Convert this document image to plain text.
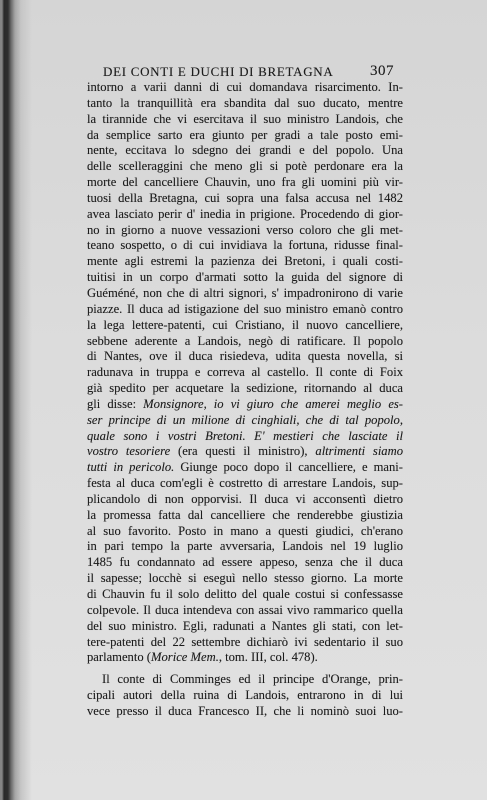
DEI CONTI E DUCHI DI BRETAGNA 307
intorno a varii danni di cui domandava risarcimento. In-
tanto la tranquillità era sbandita dal suo ducato, mentre
la tirannide che vi esercitava il suo ministro Landois, che
da semplice sarto era giunto per gradi a tale posto emi-
nente, eccitava lo sdegno dei grandi e del popolo. Una
delle scelleraggini che meno gli si potè perdonare era la
morte del cancelliere Chauvin, uno fra gli uomini più vir-
tuosi della Bretagna, cui sopra una falsa accusa nel 1482
avea lasciato perir d' inedia in prigione. Procedendo di gior-
no in giorno a nuove vessazioni verso coloro che gli met-
teano sospetto, o di cui invidiava la fortuna, ridusse final-
mente agli estremi la pazienza dei Bretoni, i quali costi-
tuitisi in un corpo d'armati sotto la guida del signore di
Guéméné, non che di altri signori, s' impadronirono di varie
piazze. Il duca ad istigazione del suo ministro emanò contro
la lega lettere-patenti, cui Cristiano, il nuovo cancelliere,
sebbene aderente a Landois, negò di ratificare. Il popolo
di Nantes, ove il duca risiedeva, udita questa novella, si
radunava in truppa e correva al castello. Il conte di Foix
già spedito per acquetare la sedizione, ritornando al duca
gli disse: Monsignore, io vi giuro che amerei meglio es-
ser principe di un milione di cinghiali, che di tal popolo,
quale sono i vostri Bretoni. E' mestieri che lasciate il
vostro tesoriere (era questi il ministro), altrimenti siamo
tutti in pericolo. Giunge poco dopo il cancelliere, e mani-
festa al duca com'egli è costretto di arrestare Landois, sup-
plicandolo di non opporvisi. Il duca vi acconsentì dietro
la promessa fatta dal cancelliere che renderebbe giustizia
al suo favorito. Posto in mano a questi giudici, ch'erano
in pari tempo la parte avversaria, Landois nel 19 luglio
1485 fu condannato ad essere appeso, senza che il duca
il sapesse; locchè si eseguì nello stesso giorno. La morte
di Chauvin fu il solo delitto del quale costui si confessasse
colpevole. Il duca intendeva con assai vivo rammarico quella
del suo ministro. Egli, radunati a Nantes gli stati, con let-
tere-patenti del 22 settembre dichiarò ivi sedentario il suo
parlamento (Morice Mem., tom. III, col. 478).
Il conte di Comminges ed il principe d'Orange, prin-
cipali autori della ruina di Landois, entrarono in di lui
vece presso il duca Francesco II, che li nominò suoi luo-
